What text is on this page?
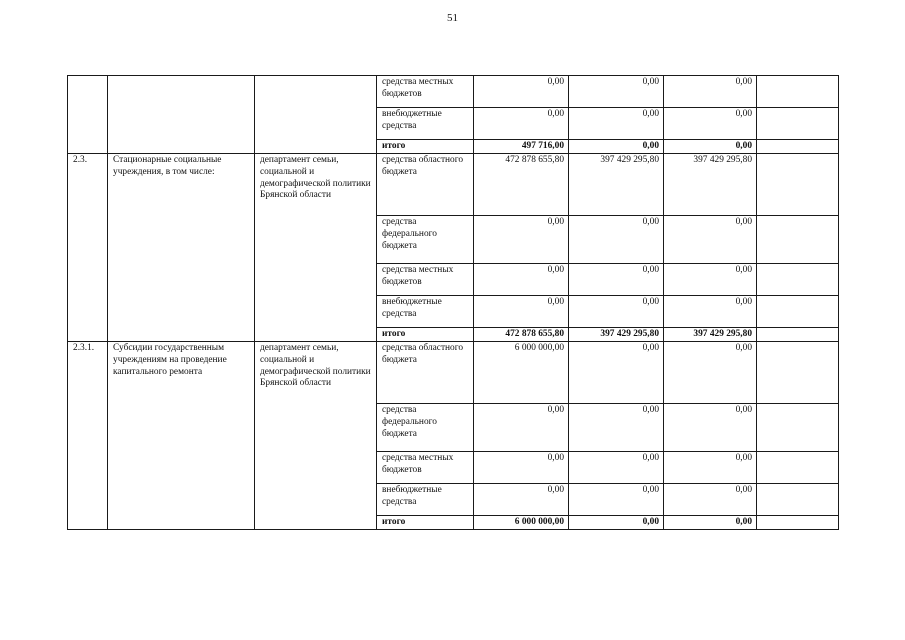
51
			средства местных бюджетов	0,00	0,00	0,00	
			внебюджетные средства	0,00	0,00	0,00	
			итого	497 716,00	0,00	0,00	
2.3.	Стационарные социальные учреждения, в том числе:	департамент семьи, социальной и демографической политики Брянской области	средства областного бюджета	472 878 655,80	397 429 295,80	397 429 295,80	
			средства федерального бюджета	0,00	0,00	0,00	
			средства местных бюджетов	0,00	0,00	0,00	
			внебюджетные средства	0,00	0,00	0,00	
			итого	472 878 655,80	397 429 295,80	397 429 295,80	
2.3.1.	Субсидии государственным учреждениям на проведение капитального ремонта	департамент семьи, социальной и демографической политики Брянской области	средства областного бюджета	6 000 000,00	0,00	0,00	
			средства федерального бюджета	0,00	0,00	0,00	
			средства местных бюджетов	0,00	0,00	0,00	
			внебюджетные средства	0,00	0,00	0,00	
			итого	6 000 000,00	0,00	0,00	
